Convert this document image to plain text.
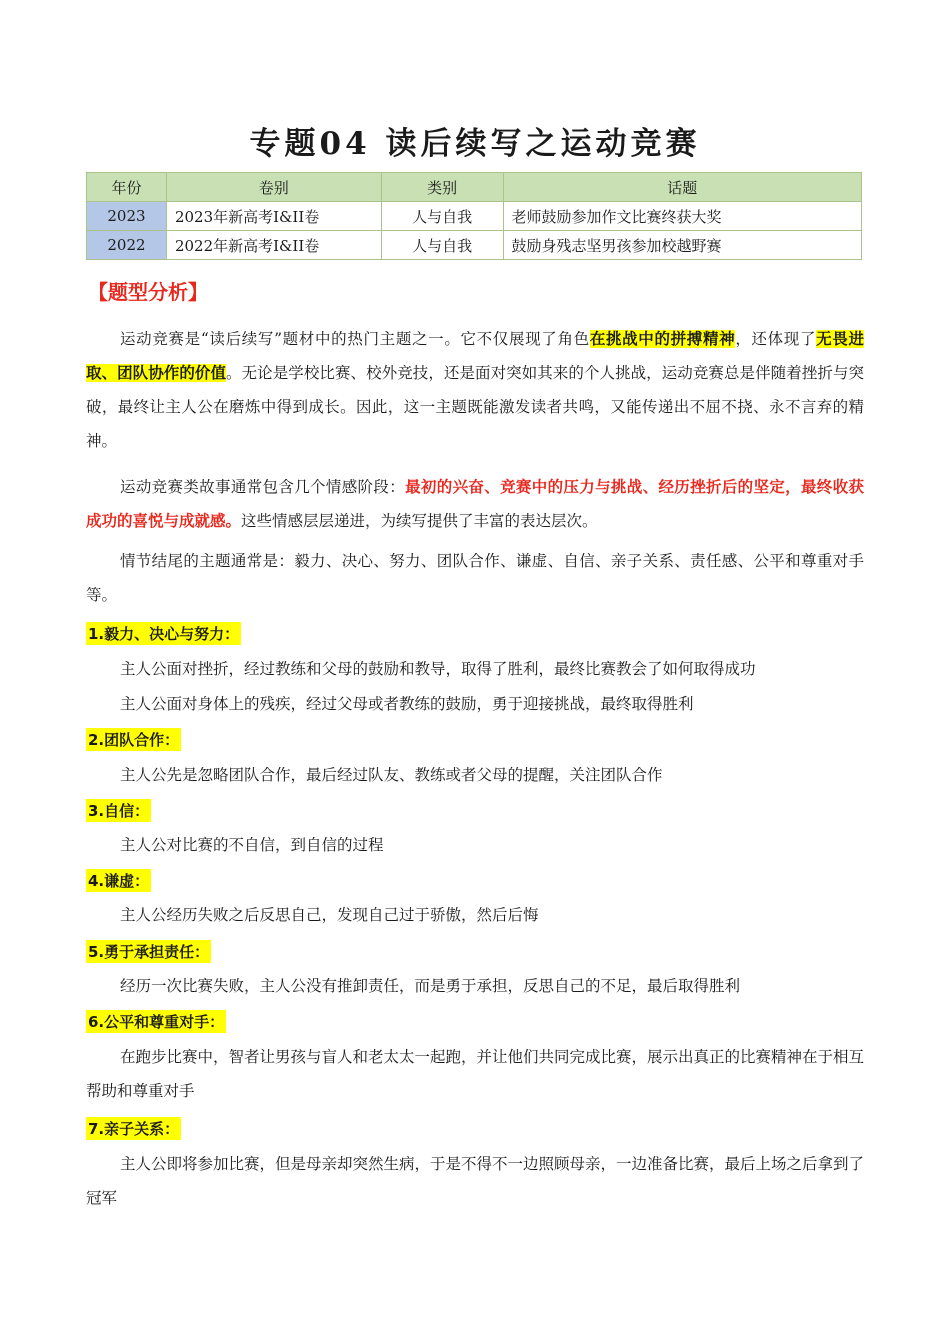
专题04 读后续写之运动竞赛
年份	卷别	类别	话题
2023	2023年新高考I&II卷	人与自我	老师鼓励参加作文比赛终获大奖
2022	2022年新高考I&II卷	人与自我	鼓励身残志坚男孩参加校越野赛
【题型分析】
运动竞赛是“读后续写”题材中的热门主题之一。它不仅展现了角色在挑战中的拼搏精神，还体现了无畏进取、团队协作的价值。无论是学校比赛、校外竞技，还是面对突如其来的个人挑战，运动竞赛总是伴随着挫折与突破，最终让主人公在磨炼中得到成长。因此，这一主题既能激发读者共鸣，又能传递出不屈不挠、永不言弃的精神。
运动竞赛类故事通常包含几个情感阶段：最初的兴奋、竞赛中的压力与挑战、经历挫折后的坚定，最终收获成功的喜悦与成就感。这些情感层层递进，为续写提供了丰富的表达层次。
情节结尾的主题通常是：毅力、决心、努力、团队合作、谦虚、自信、亲子关系、责任感、公平和尊重对手等。
1.毅力、决心与努力：
主人公面对挫折，经过教练和父母的鼓励和教导，取得了胜利，最终比赛教会了如何取得成功
主人公面对身体上的残疾，经过父母或者教练的鼓励，勇于迎接挑战，最终取得胜利
2.团队合作：
主人公先是忽略团队合作，最后经过队友、教练或者父母的提醒，关注团队合作
3.自信：
主人公对比赛的不自信，到自信的过程
4.谦虚：
主人公经历失败之后反思自己，发现自己过于骄傲，然后后悔
5.勇于承担责任：
经历一次比赛失败，主人公没有推卸责任，而是勇于承担，反思自己的不足，最后取得胜利
6.公平和尊重对手：
在跑步比赛中，智者让男孩与盲人和老太太一起跑，并让他们共同完成比赛，展示出真正的比赛精神在于相互帮助和尊重对手
7.亲子关系：
主人公即将参加比赛，但是母亲却突然生病，于是不得不一边照顾母亲，一边准备比赛，最后上场之后拿到了冠军
